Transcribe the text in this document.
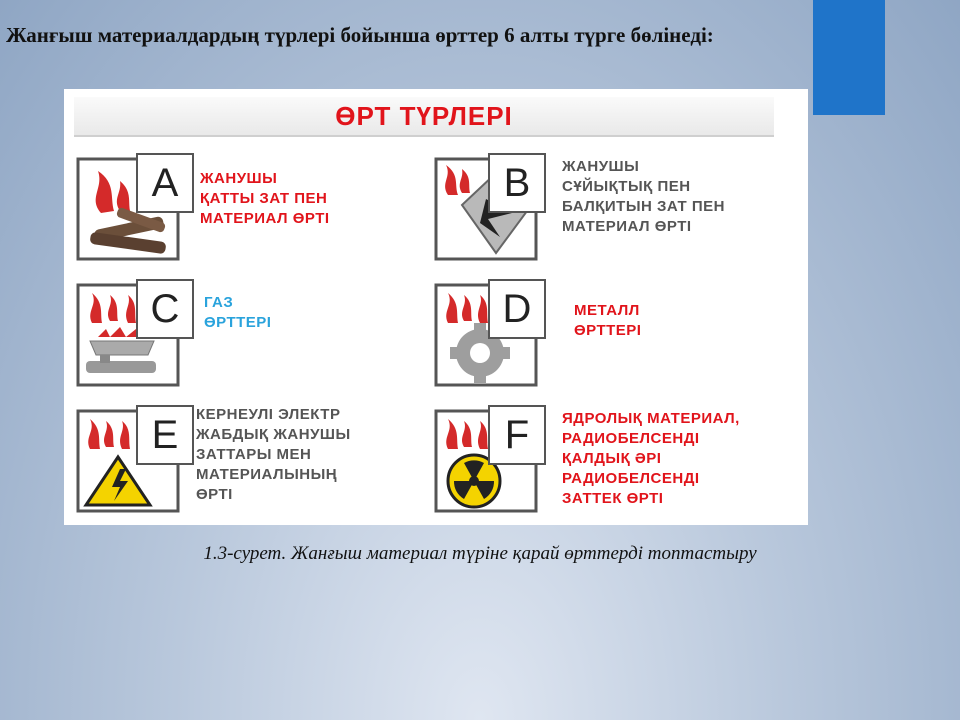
Жанғыш материалдардың түрлері бойынша өрттер 6 алты түрге бөлінеді:
ӨРТ ТҮРЛЕРІ
A	ЖАНУШЫ
ҚАТТЫ ЗАТ ПЕН
МАТЕРИАЛ ӨРТІ
B	ЖАНУШЫ
СҰЙЫҚТЫҚ ПЕН
БАЛҚИТЫН ЗАТ ПЕН
МАТЕРИАЛ ӨРТІ
C	ГАЗ
ӨРТТЕРІ	D	МЕТАЛЛ
ӨРТТЕРІ
E	КЕРНЕУЛІ ЭЛЕКТР
ЖАБДЫҚ ЖАНУШЫ
ЗАТТАРЫ МЕН
МАТЕРИАЛЫНЫҢ
ӨРТІ
F	ЯДРОЛЫҚ МАТЕРИАЛ,
РАДИОБЕЛСЕНДІ
ҚАЛДЫҚ ӘРІ
РАДИОБЕЛСЕНДІ
ЗАТТЕК ӨРТІ
1.3-сурет. Жанғыш материал түріне қарай өрттерді топтастыру
